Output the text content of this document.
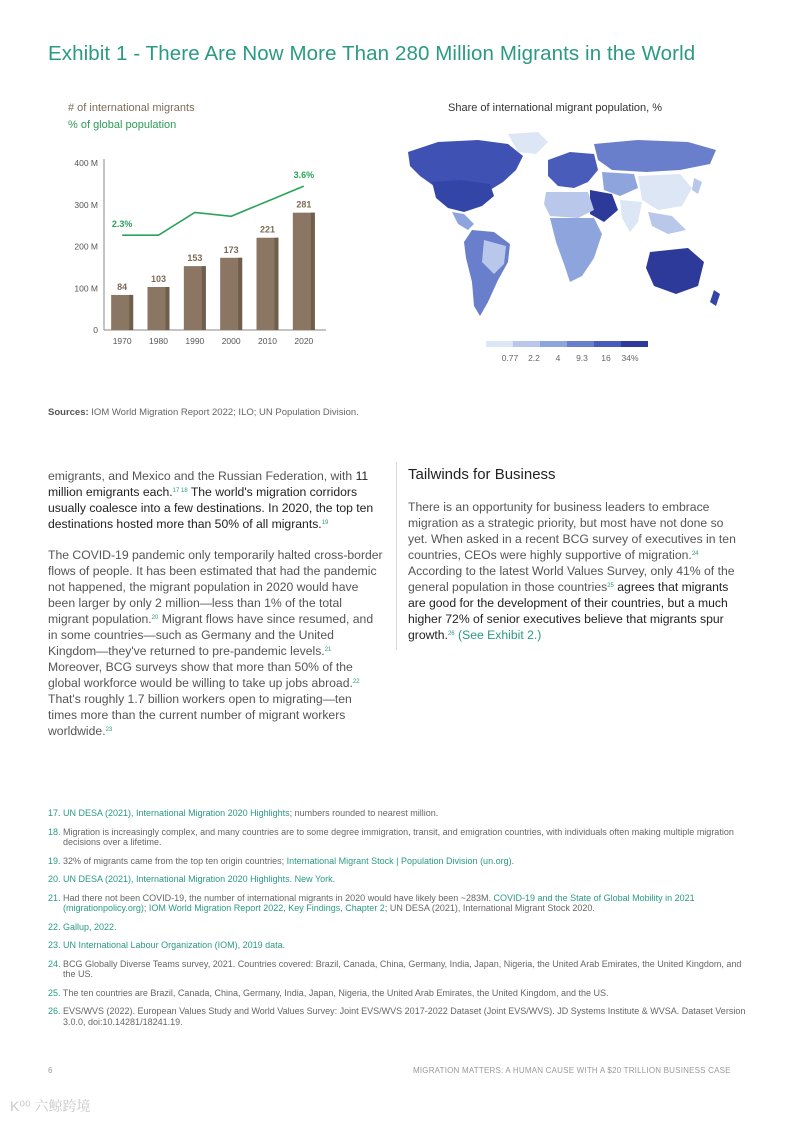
Exhibit 1 - There Are Now More Than 280 Million Migrants in the World
# of international migrants
% of global population
0
100 M
200 M
300 M
400 M
84
1970
103
1980
153
1990
173
2000
221
2010
281
2020
2.3%
3.6%
Share of international migrant population, %
0.77 2.2 4 9.3 16 34%
Sources: IOM World Migration Report 2022; ILO; UN Population Division.

emigrants, and Mexico and the Russian Federation, with 11 million emigrants each.$^{17 18}$ The world's migration corridors usually coalesce into a few destinations. In 2020, the top ten destinations hosted more than 50% of all migrants.$^{19}$

The COVID-19 pandemic only temporarily halted cross-border flows of people. It has been estimated that had the pandemic not happened, the migrant population in 2020 would have been larger by only 2 million—less than 1% of the total migrant population.$^{20}$ Migrant flows have since resumed, and in some countries—such as Germany and the United Kingdom—they've returned to pre-pandemic levels.$^{21}$ Moreover, BCG surveys show that more than 50% of the global workforce would be willing to take up jobs abroad.$^{22}$ That's roughly 1.7 billion workers open to migrating—ten times more than the current number of migrant workers worldwide.$^{23}$

Tailwinds for Business

There is an opportunity for business leaders to embrace migration as a strategic priority, but most have not done so yet. When asked in a recent BCG survey of executives in ten countries, CEOs were highly supportive of migration.$^{24}$ According to the latest World Values Survey, only 41% of the general population in those countries$^{25}$ agrees that migrants are good for the development of their countries, but a much higher 72% of senior executives believe that migrants spur growth.$^{26}$ (See Exhibit 2.)

17. UN DESA (2021), International Migration 2020 Highlights; numbers rounded to nearest million.
18. Migration is increasingly complex, and many countries are to some degree immigration, transit, and emigration countries, with individuals often making multiple migration decisions over a lifetime.
19. 32% of migrants came from the top ten origin countries; International Migrant Stock | Population Division (un.org).
20. UN DESA (2021), International Migration 2020 Highlights. New York.
21. Had there not been COVID-19, the number of international migrants in 2020 would have likely been ~283M. COVID-19 and the State of Global Mobility in 2021 (migrationpolicy.org); IOM World Migration Report 2022, Key Findings, Chapter 2; UN DESA (2021), International Migrant Stock 2020.
22. Gallup, 2022.
23. UN International Labour Organization (IOM), 2019 data.
24. BCG Globally Diverse Teams survey, 2021. Countries covered: Brazil, Canada, China, Germany, India, Japan, Nigeria, the United Arab Emirates, the United Kingdom, and the US.
25. The ten countries are Brazil, Canada, China, Germany, India, Japan, Nigeria, the United Arab Emirates, the United Kingdom, and the US.
26. EVS/WVS (2022). European Values Study and World Values Survey: Joint EVS/WVS 2017-2022 Dataset (Joint EVS/WVS). JD Systems Institute & WVSA. Dataset Version 3.0.0, doi:10.14281/18241.19.
6	MIGRATION MATTERS: A HUMAN CAUSE WITH A $20 TRILLION BUSINESS CASE
K⁰⁰ 六鲸跨境
